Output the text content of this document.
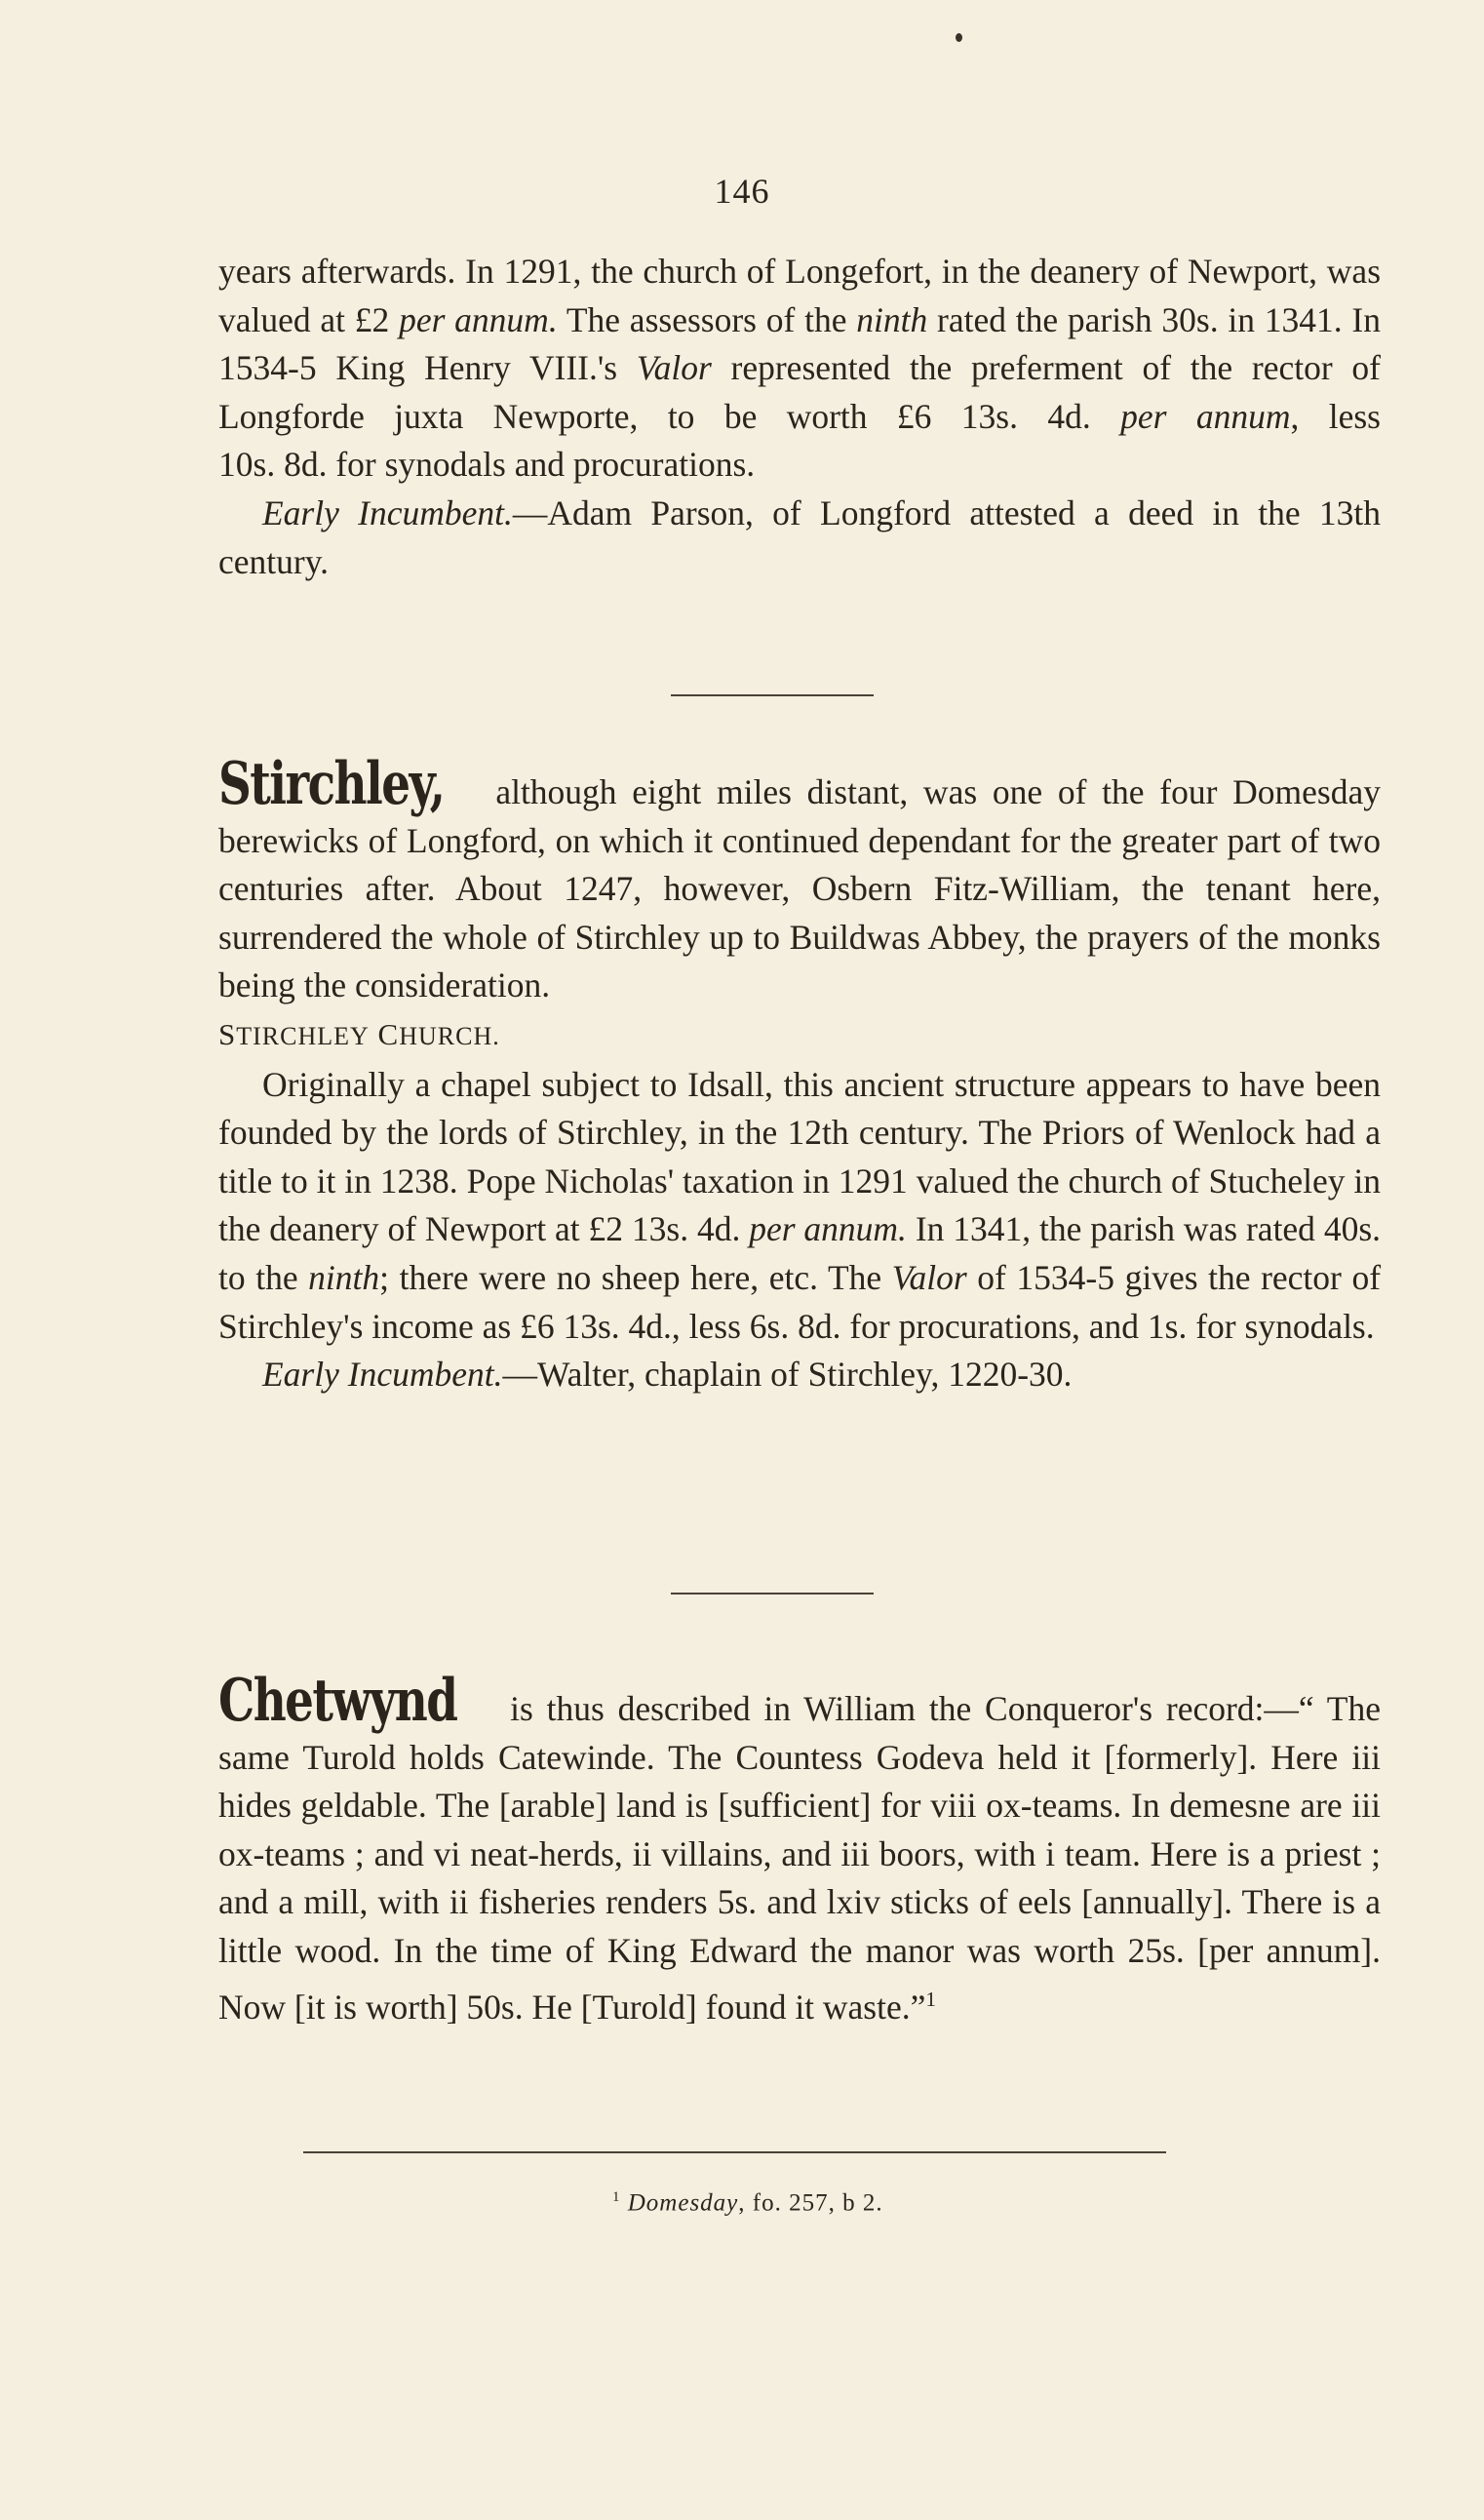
146

years afterwards. In 1291, the church of Longefort, in the deanery of Newport, was valued at £2 per annum. The assessors of the ninth rated the parish 30s. in 1341. In 1534-5 King Henry VIII.'s Valor represented the preferment of the rector of Longforde juxta Newporte, to be worth £6 13s. 4d. per annum, less

10s. 8d. for synodals and procurations.

Early Incumbent.—Adam Parson, of Longford attested a deed in the 13th century.

Stirchley, although eight miles distant, was one of the four Domesday berewicks of Longford, on which it continued dependant for the greater part of two centuries after. About 1247, however, Osbern Fitz-William, the tenant here, surrendered the whole of Stirchley up to Buildwas Abbey, the prayers of the monks being the consideration.

STIRCHLEY CHURCH.

Originally a chapel subject to Idsall, this ancient structure appears to have been founded by the lords of Stirchley, in the 12th century. The Priors of Wenlock had a title to it in 1238. Pope Nicholas' taxation in 1291 valued the church of Stucheley in the deanery of Newport at £2 13s. 4d. per annum. In 1341, the parish was rated 40s. to the ninth; there were no sheep here, etc. The Valor of 1534-5 gives the rector of Stirchley's income as £6 13s. 4d., less 6s. 8d. for procurations, and 1s. for synodals.

Early Incumbent.—Walter, chaplain of Stirchley, 1220-30.

Chetwynd is thus described in William the Conqueror's record:—“ The same Turold holds Catewinde. The Countess Godeva held it [formerly]. Here iii hides geldable. The [arable] land is [sufficient] for viii ox-teams. In demesne are iii ox-teams ; and vi neat-herds, ii villains, and iii boors, with i team. Here is a priest ; and a mill, with ii fisheries renders 5s. and lxiv sticks of eels [annually]. There is a little wood. In the time of King Edward the manor was worth 25s. [per annum]. Now [it is worth] 50s. He [Turold] found it waste.”$^1$

$^1$ Domesday, fo. 257, b 2.
